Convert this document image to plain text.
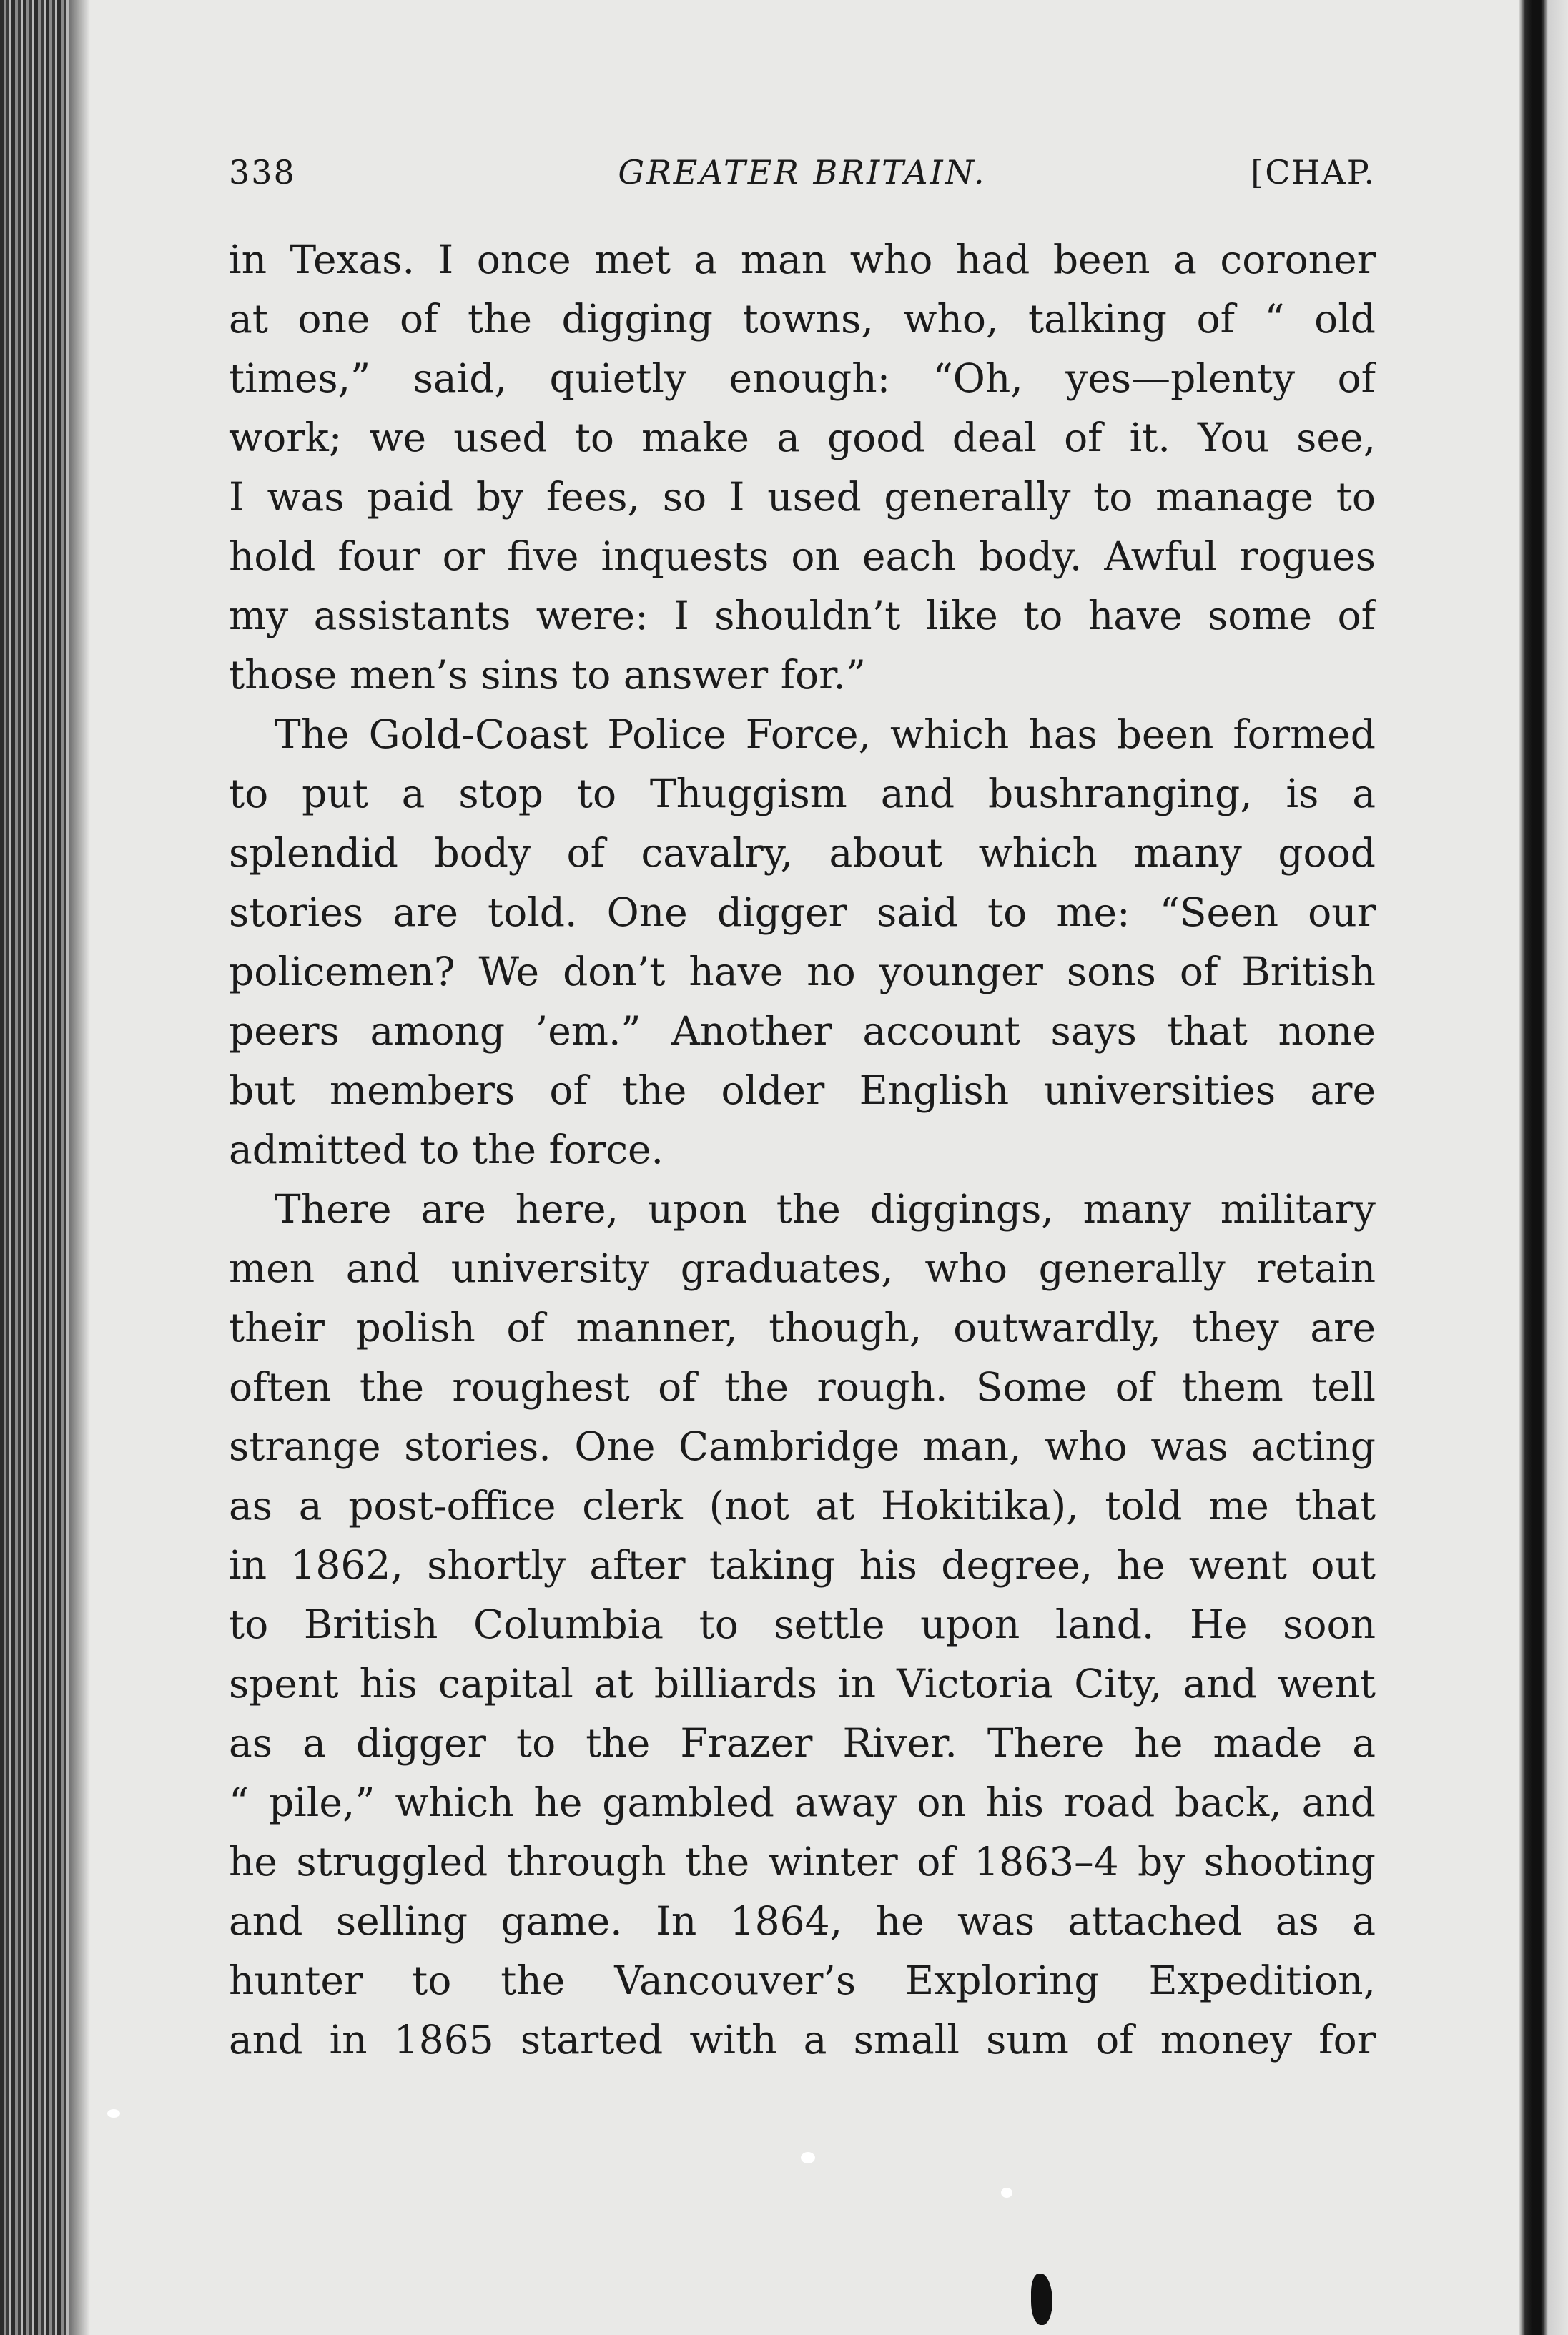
338	GREATER BRITAIN.	[CHAP.
in Texas. I once met a man who had been a coroner
at one of the digging towns, who, talking of “ old
times,” said, quietly enough: “Oh, yes—plenty of
work; we used to make a good deal of it. You see,
I was paid by fees, so I used generally to manage to
hold four or five inquests on each body. Awful rogues
my assistants were: I shouldn’t like to have some of
those men’s sins to answer for.”
The Gold-Coast Police Force, which has been formed
to put a stop to Thuggism and bushranging, is a
splendid body of cavalry, about which many good
stories are told. One digger said to me: “Seen our
policemen? We don’t have no younger sons of British
peers among ’em.” Another account says that none
but members of the older English universities are
admitted to the force.
There are here, upon the diggings, many military
men and university graduates, who generally retain
their polish of manner, though, outwardly, they are
often the roughest of the rough. Some of them tell
strange stories. One Cambridge man, who was acting
as a post-office clerk (not at Hokitika), told me that
in 1862, shortly after taking his degree, he went out
to British Columbia to settle upon land. He soon
spent his capital at billiards in Victoria City, and went
as a digger to the Frazer River. There he made a
“ pile,” which he gambled away on his road back, and
he struggled through the winter of 1863–4 by shooting
and selling game. In 1864, he was attached as a
hunter to the Vancouver’s Exploring Expedition,
and in 1865 started with a small sum of money for
